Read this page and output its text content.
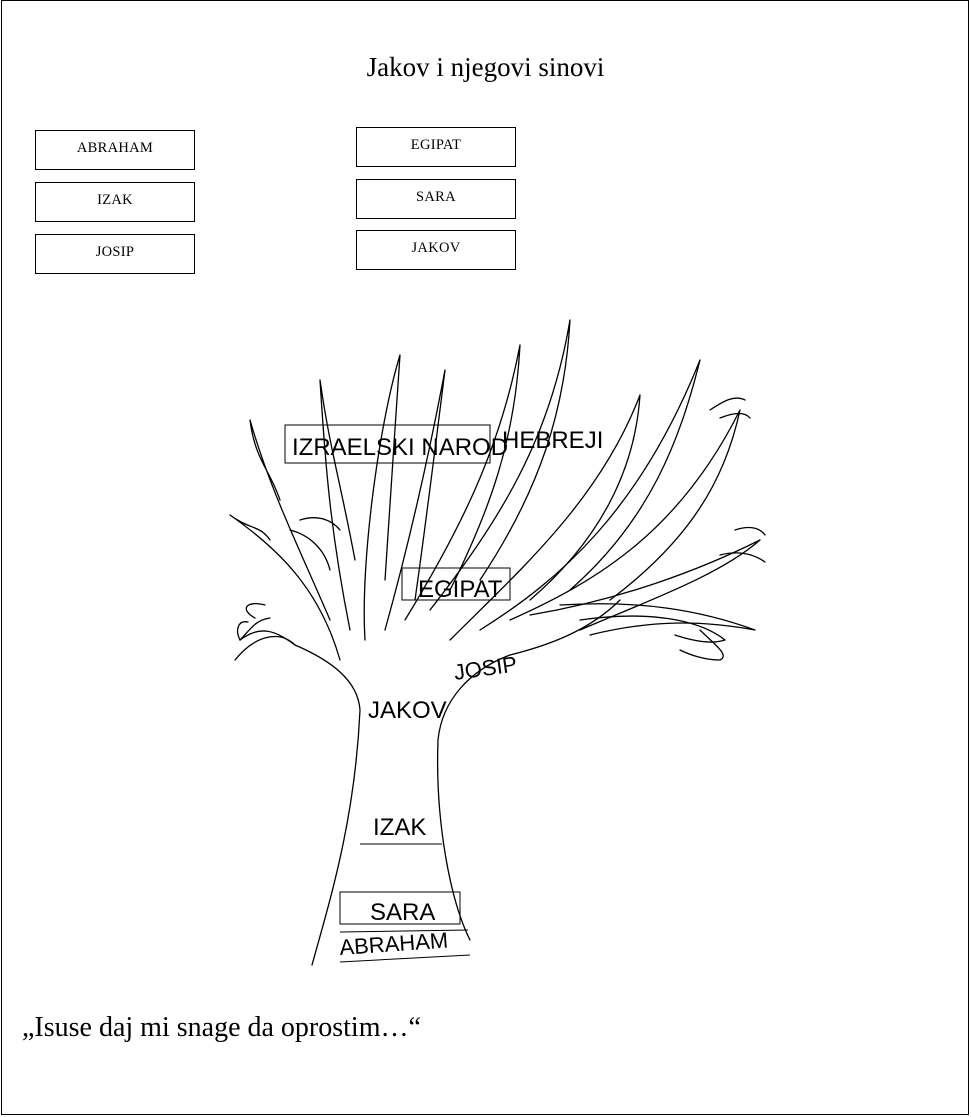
Jakov i njegovi sinovi
ABRAHAM
IZAK
JOSIP
EGIPAT
SARA
JAKOV
IZRAELSKI NAROD
HEBREJI
EGIPAT
JOSIP
JAKOV
IZAK
SARA
ABRAHAM
„Isuse daj mi snage da oprostim…“
